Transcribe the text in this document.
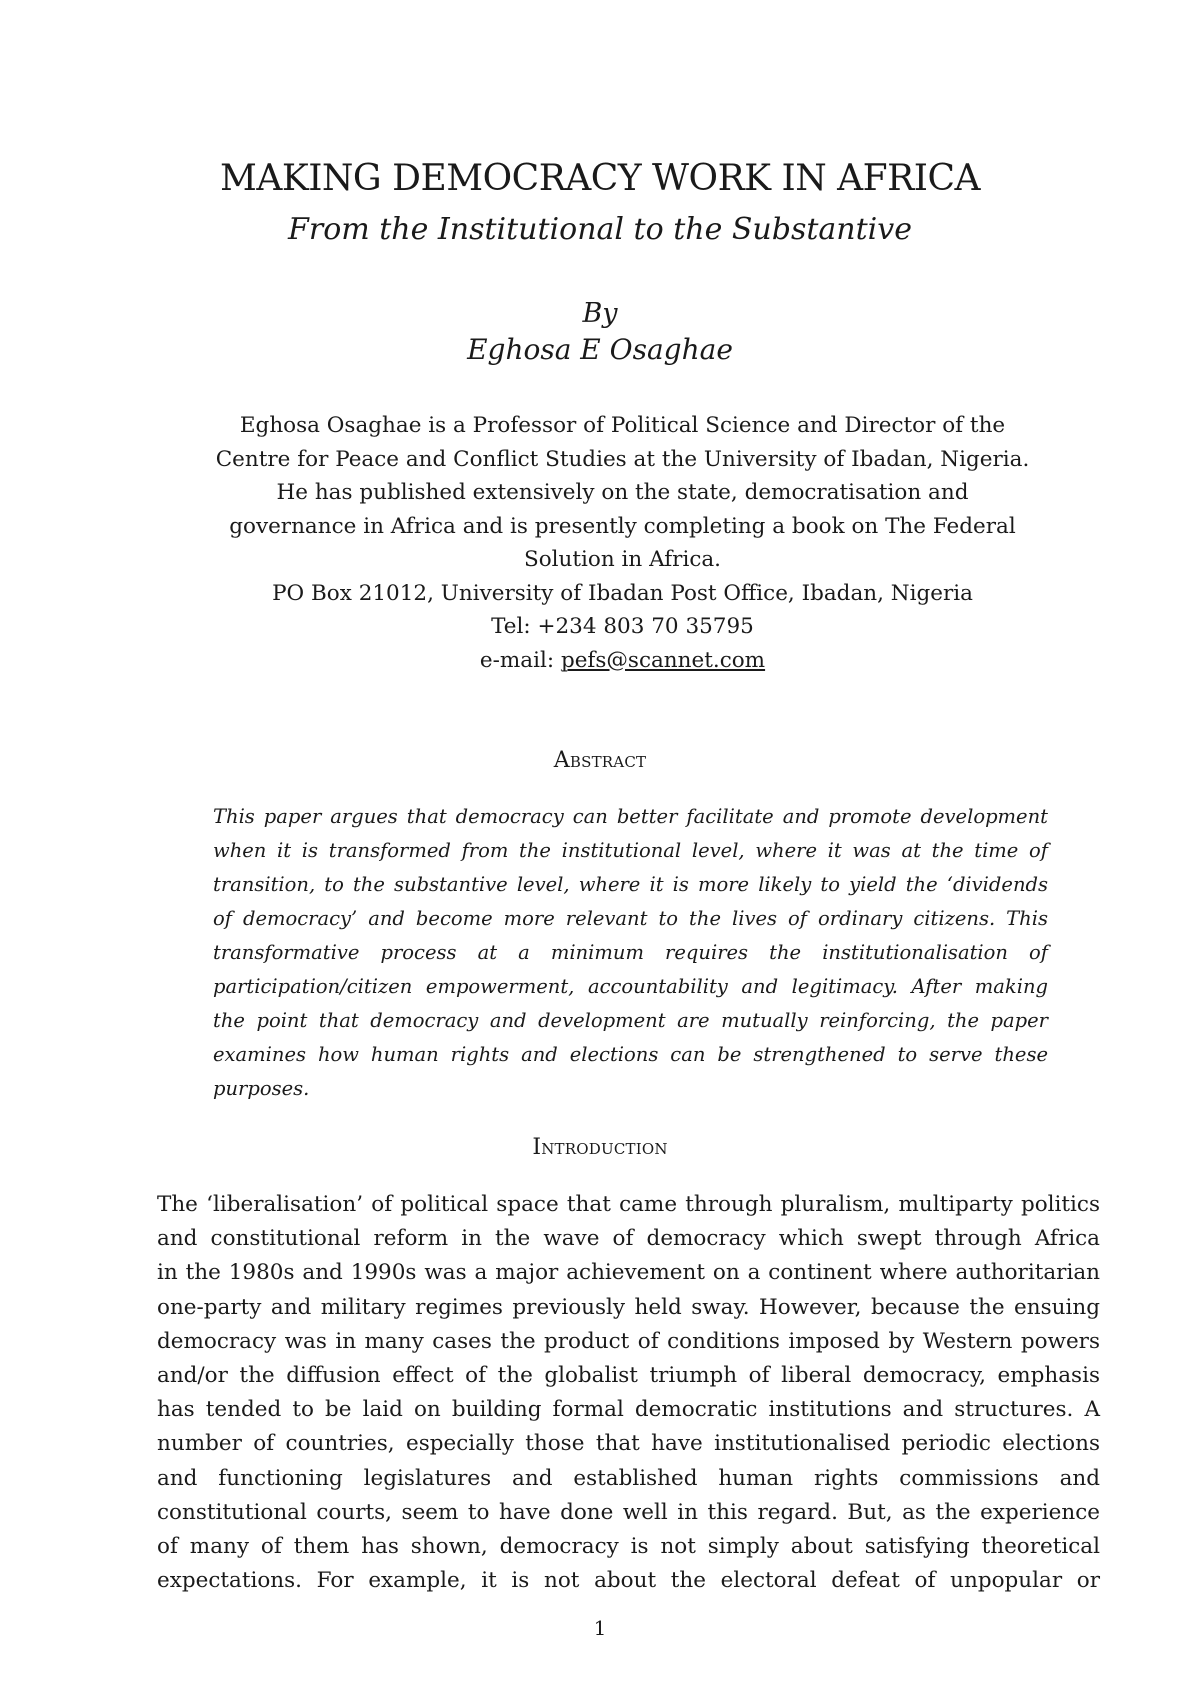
MAKING DEMOCRACY WORK IN AFRICA
From the Institutional to the Substantive
By
Eghosa E Osaghae
Eghosa Osaghae is a Professor of Political Science and Director of the
Centre for Peace and Conflict Studies at the University of Ibadan, Nigeria.
He has published extensively on the state, democratisation and
governance in Africa and is presently completing a book on The Federal
Solution in Africa.
PO Box 21012, University of Ibadan Post Office, Ibadan, Nigeria
Tel: +234 803 70 35795
e-mail: pefs@scannet.com
Abstract
This paper argues that democracy can better facilitate and promote development
when it is transformed from the institutional level, where it was at the time of
transition, to the substantive level, where it is more likely to yield the ‘dividends
of democracy’ and become more relevant to the lives of ordinary citizens. This
transformative process at a minimum requires the institutionalisation of
participation/citizen empowerment, accountability and legitimacy. After making
the point that democracy and development are mutually reinforcing, the paper
examines how human rights and elections can be strengthened to serve these
purposes.
Introduction
The ‘liberalisation’ of political space that came through pluralism, multiparty politics
and constitutional reform in the wave of democracy which swept through Africa
in the 1980s and 1990s was a major achievement on a continent where authoritarian
one-party and military regimes previously held sway. However, because the ensuing
democracy was in many cases the product of conditions imposed by Western powers
and/or the diffusion effect of the globalist triumph of liberal democracy, emphasis
has tended to be laid on building formal democratic institutions and structures. A
number of countries, especially those that have institutionalised periodic elections
and functioning legislatures and established human rights commissions and
constitutional courts, seem to have done well in this regard. But, as the experience
of many of them has shown, democracy is not simply about satisfying theoretical
expectations. For example, it is not about the electoral defeat of unpopular or
1
